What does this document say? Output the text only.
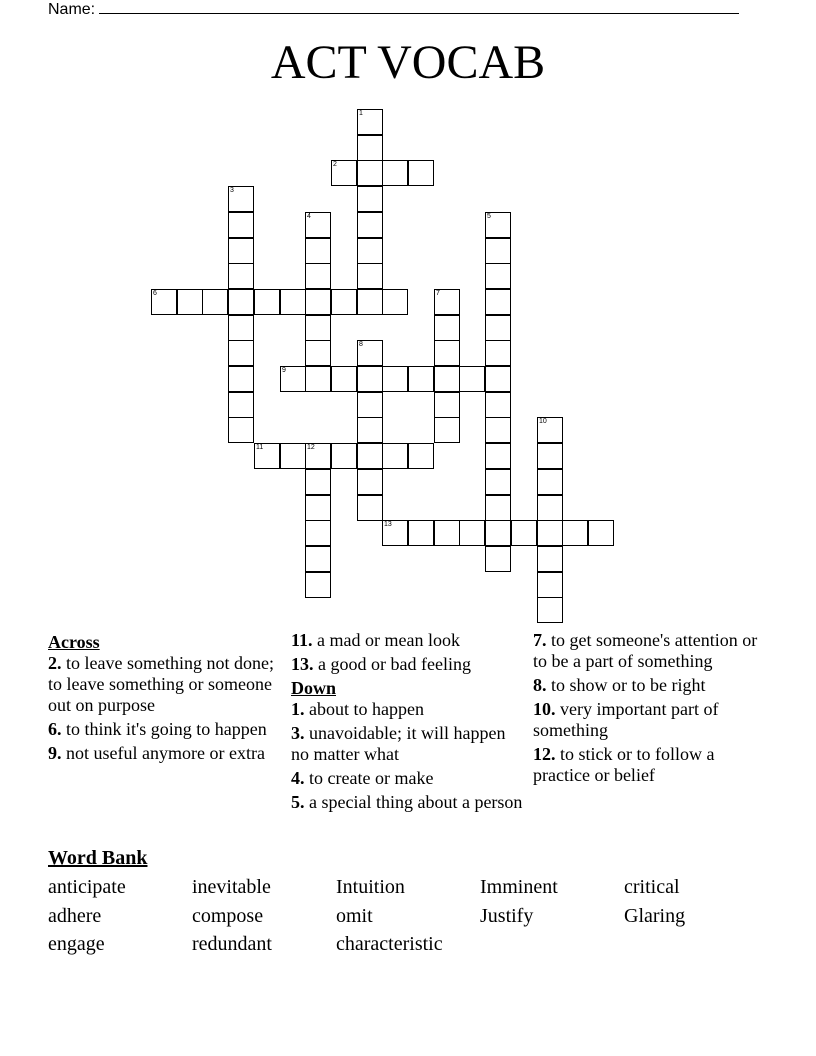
Name:
ACT VOCAB
1
2
3
4	5
6	7
8
9
10
11	12
13
Across
2. to leave something not done; to leave something or someone out on purpose
6. to think it's going to happen
9. not useful anymore or extra
11. a mad or mean look
13. a good or bad feeling
Down
1. about to happen
3. unavoidable; it will happen no matter what
4. to create or make
5. a special thing about a person
7. to get someone's attention or to be a part of something
8. to show or to be right
10. very important part of something
12. to stick or to follow a practice or belief
Word Bank
anticipate	inevitable	Intuition	Imminent	critical
adhere	compose	omit	Justify	Glaring
engage	redundant	characteristic
